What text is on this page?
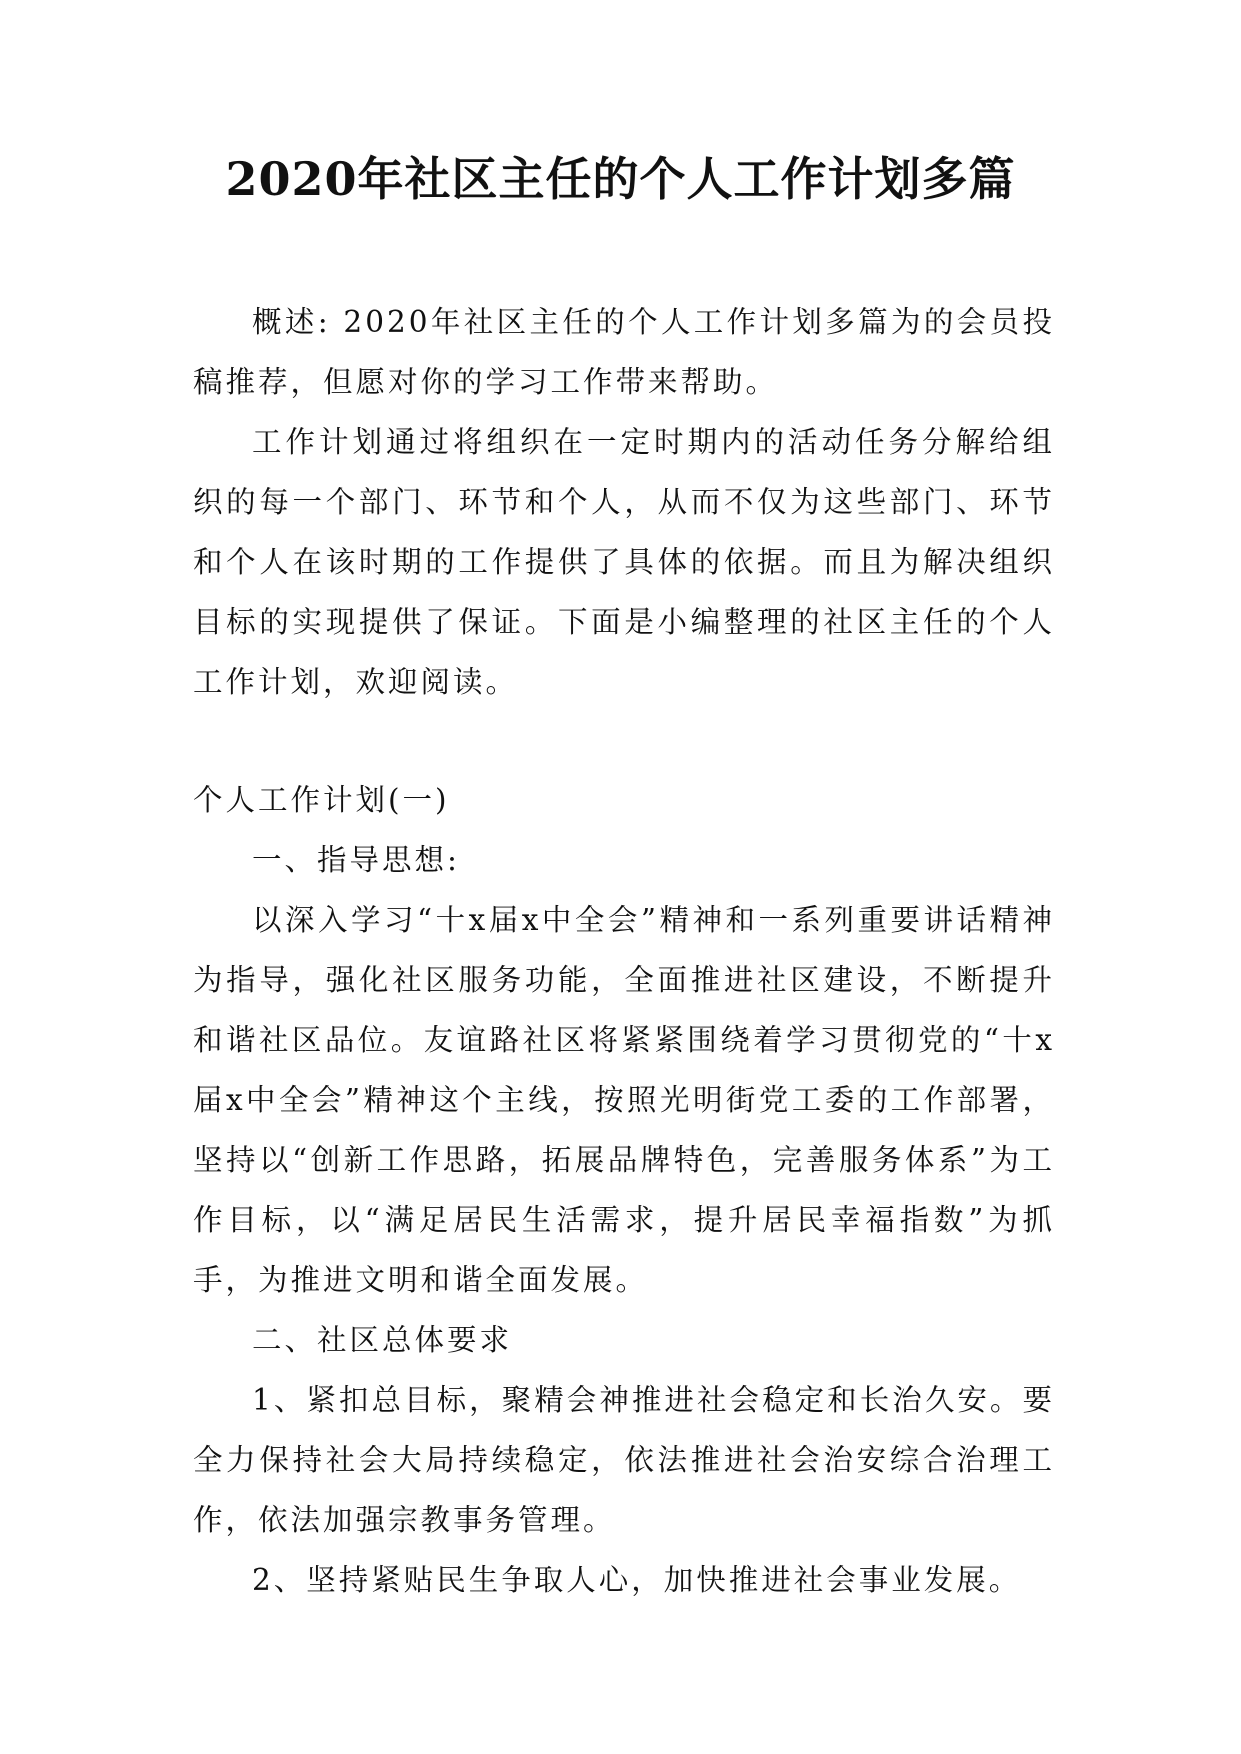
2020年社区主任的个人工作计划多篇

概述: 2020年社区主任的个人工作计划多篇为的会员投稿推荐，但愿对你的学习工作带来帮助。

工作计划通过将组织在一定时期内的活动任务分解给组织的每一个部门、环节和个人，从而不仅为这些部门、环节和个人在该时期的工作提供了具体的依据。而且为解决组织目标的实现提供了保证。下面是小编整理的社区主任的个人工作计划，欢迎阅读。

个人工作计划(一)

一、指导思想:

以深入学习“十x届x中全会”精神和一系列重要讲话精神为指导，强化社区服务功能，全面推进社区建设，不断提升和谐社区品位。友谊路社区将紧紧围绕着学习贯彻党的“十x届x中全会”精神这个主线，按照光明街党工委的工作部署，坚持以“创新工作思路，拓展品牌特色，完善服务体系”为工作目标，以“满足居民生活需求，提升居民幸福指数”为抓手，为推进文明和谐全面发展。

二、社区总体要求

1、紧扣总目标，聚精会神推进社会稳定和长治久安。要全力保持社会大局持续稳定，依法推进社会治安综合治理工作，依法加强宗教事务管理。

2、坚持紧贴民生争取人心，加快推进社会事业发展。
